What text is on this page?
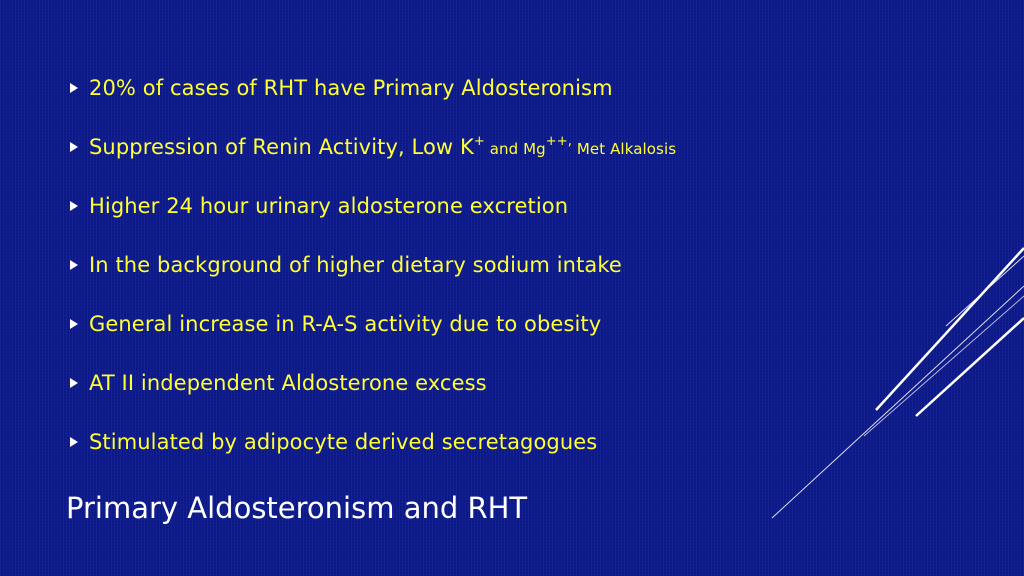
20% of cases of RHT have Primary Aldosteronism
Suppression of Renin Activity, Low K+ and Mg++, Met Alkalosis
Higher 24 hour urinary aldosterone excretion
In the background of higher dietary sodium intake
General increase in R-A-S activity due to obesity
AT II independent Aldosterone excess
Stimulated by adipocyte derived secretagogues
Primary Aldosteronism and RHT
